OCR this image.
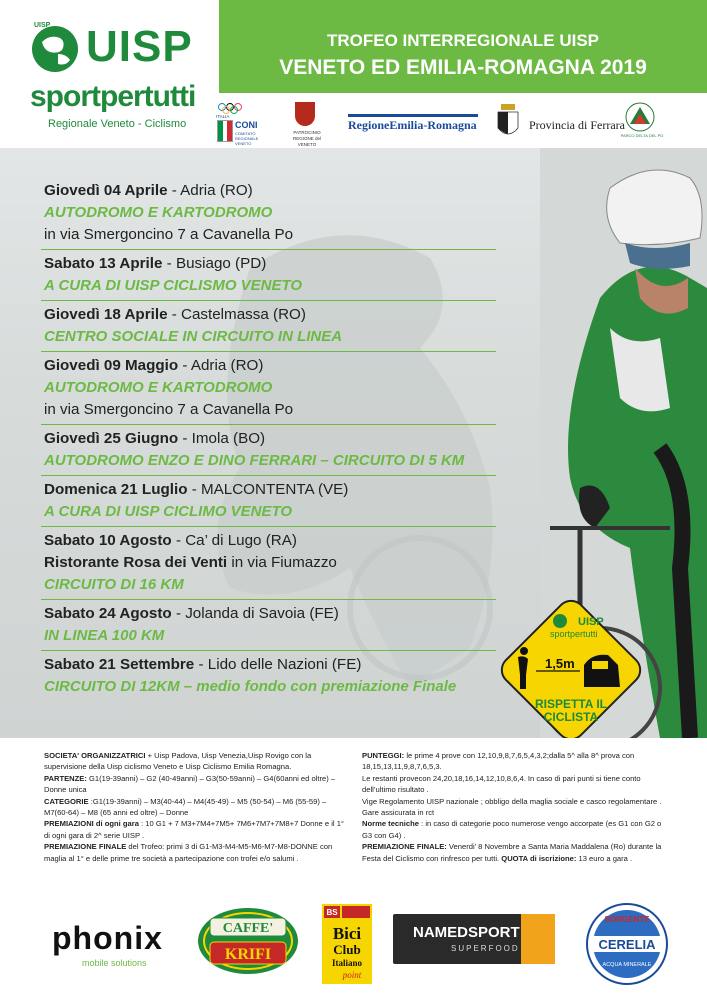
UISP UISP
sportpertutti
Regionale Veneto - Ciclismo
TROFEO INTERREGIONALE UISP
VENETO ED EMILIA-ROMAGNA 2019
ITALIA
CONI
COMITATO REGIONALE VENETO
PATROCINIO REGIONE del VENETO
RegioneEmilia-Romagna	Provincia di Ferrara
PARCO DELTA DEL PO
Giovedì 04 Aprile - Adria (RO)
AUTODROMO E KARTODROMO
in via Smergoncino 7 a Cavanella Po
Sabato 13 Aprile - Busiago (PD)
A CURA DI UISP CICLISMO VENETO
Giovedì 18 Aprile - Castelmassa (RO)
CENTRO SOCIALE IN CIRCUITO IN LINEA
Giovedì 09 Maggio - Adria (RO)
AUTODROMO E KARTODROMO
in via Smergoncino 7 a Cavanella Po
Giovedì 25 Giugno - Imola (BO)
AUTODROMO ENZO E DINO FERRARI – CIRCUITO DI 5 KM
Domenica 21 Luglio - MALCONTENTA (VE)
A CURA DI UISP CICLIMO VENETO
Sabato 10 Agosto - Ca’ di Lugo (RA)
Ristorante Rosa dei Venti in via Fiumazzo
CIRCUITO DI 16 KM
Sabato 24 Agosto - Jolanda di Savoia (FE)
IN LINEA 100 KM
Sabato 21 Settembre - Lido delle Nazioni (FE)
CIRCUITO DI 12KM – medio fondo con premiazione Finale
UISP
sportpertutti
1,5m
RISPETTA IL
CICLISTA

SOCIETA' ORGANIZZATRICI + Uisp Padova, Uisp Venezia,Uisp Rovigo con la supervisione della Uisp ciclismo Veneto e Uisp Ciclismo Emilia Romagna.

PARTENZE: G1(19-39anni) – G2 (40-49anni) – G3(50-59anni) – G4(60anni ed oltre) – Donne unica

CATEGORIE :G1(19-39anni) – M3(40-44) – M4(45-49) – M5 (50-54) – M6 (55-59) – M7(60-64) – M8 (65 anni ed oltre) – Donne

PREMIAZIONI di ogni gara : 10 G1 + 7 M3+7M4+7M5+ 7M6+7M7+7M8+7 Donne e il 1° di ogni gara di 2^ serie UISP .

PREMIAZIONE FINALE del Trofeo: primi 3 di G1-M3-M4-M5-M6-M7-M8-DONNE con maglia al 1° e delle prime tre società a partecipazione con trofei e/o salumi .

PUNTEGGI: le prime 4 prove con 12,10,9,8,7,6,5,4,3,2;dalla 5^ alla 8^ prova con 18,15,13,11,9,8,7,6,5,3.

Le restanti provecon 24,20,18,16,14,12,10,8,6,4. In caso di pari punti si tiene conto dell’ultimo risultato .

Vige Regolamento UISP nazionale ; obbligo della maglia sociale e casco regolamentare . Gare assicurata in rct

Norme tecniche : in caso di categorie poco numerose vengo accorpate (es G1 con G2 o G3 con G4) .

PREMIAZIONE FINALE: Venerdi’ 8 Novembre a Santa Maria Maddalena (Ro) durante la Festa del Ciclismo con rinfresco per tutti. QUOTA di iscrizione: 13 euro a gara .

phonix
mobile solutions
CAFFE'
KRIFI
BS
Bici
Club
Italiano
point
NAMEDSPORT
SUPERFOOD
SORGENTE
CERELIA
ACQUA MINERALE
